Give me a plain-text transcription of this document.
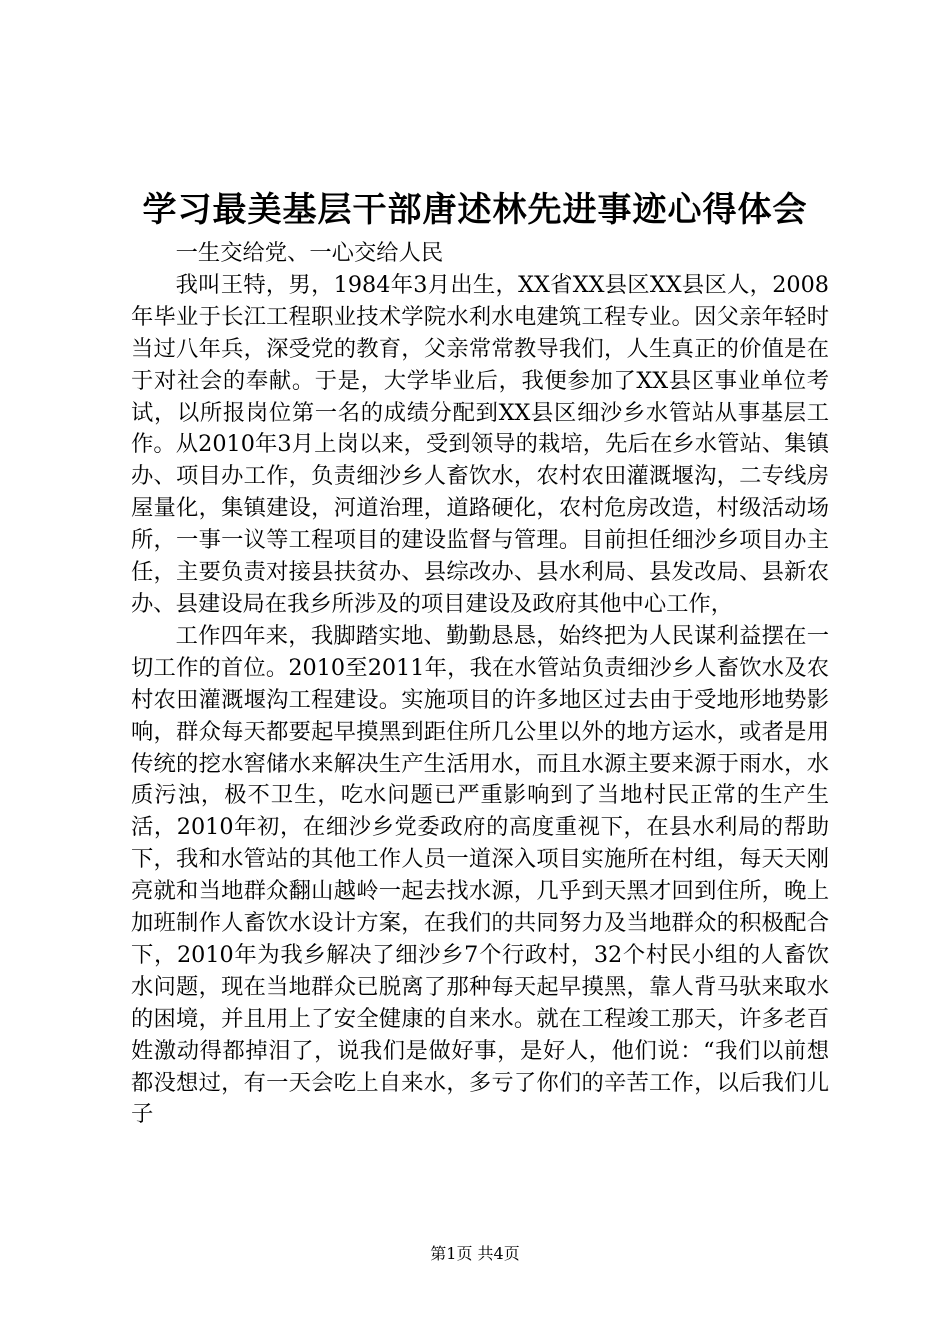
学习最美基层干部唐述林先进事迹心得体会

一生交给党、一心交给人民

我叫王特，男，1984年3月出生，XX省XX县区XX县区人，2008年毕业于长江工程职业技术学院水利水电建筑工程专业。因父亲年轻时当过八年兵，深受党的教育，父亲常常教导我们，人生真正的价值是在于对社会的奉献。于是，大学毕业后，我便参加了XX县区事业单位考试，以所报岗位第一名的成绩分配到XX县区细沙乡水管站从事基层工作。从2010年3月上岗以来，受到领导的栽培，先后在乡水管站、集镇办、项目办工作，负责细沙乡人畜饮水，农村农田灌溉堰沟，二专线房屋量化，集镇建设，河道治理，道路硬化，农村危房改造，村级活动场所，一事一议等工程项目的建设监督与管理。目前担任细沙乡项目办主任，主要负责对接县扶贫办、县综改办、县水利局、县发改局、县新农办、县建设局在我乡所涉及的项目建设及政府其他中心工作，

工作四年来，我脚踏实地、勤勤恳恳，始终把为人民谋利益摆在一切工作的首位。2010至2011年，我在水管站负责细沙乡人畜饮水及农村农田灌溉堰沟工程建设。实施项目的许多地区过去由于受地形地势影响，群众每天都要起早摸黑到距住所几公里以外的地方运水，或者是用传统的挖水窖储水来解决生产生活用水，而且水源主要来源于雨水，水质污浊，极不卫生，吃水问题已严重影响到了当地村民正常的生产生活，2010年初，在细沙乡党委政府的高度重视下，在县水利局的帮助下，我和水管站的其他工作人员一道深入项目实施所在村组，每天天刚亮就和当地群众翻山越岭一起去找水源，几乎到天黑才回到住所，晚上加班制作人畜饮水设计方案，在我们的共同努力及当地群众的积极配合下，2010年为我乡解决了细沙乡7个行政村，32个村民小组的人畜饮水问题，现在当地群众已脱离了那种每天起早摸黑，靠人背马驮来取水的困境，并且用上了安全健康的自来水。就在工程竣工那天，许多老百姓激动得都掉泪了，说我们是做好事，是好人，他们说：“我们以前想都没想过，有一天会吃上自来水，多亏了你们的辛苦工作，以后我们儿子

第1页 共4页
